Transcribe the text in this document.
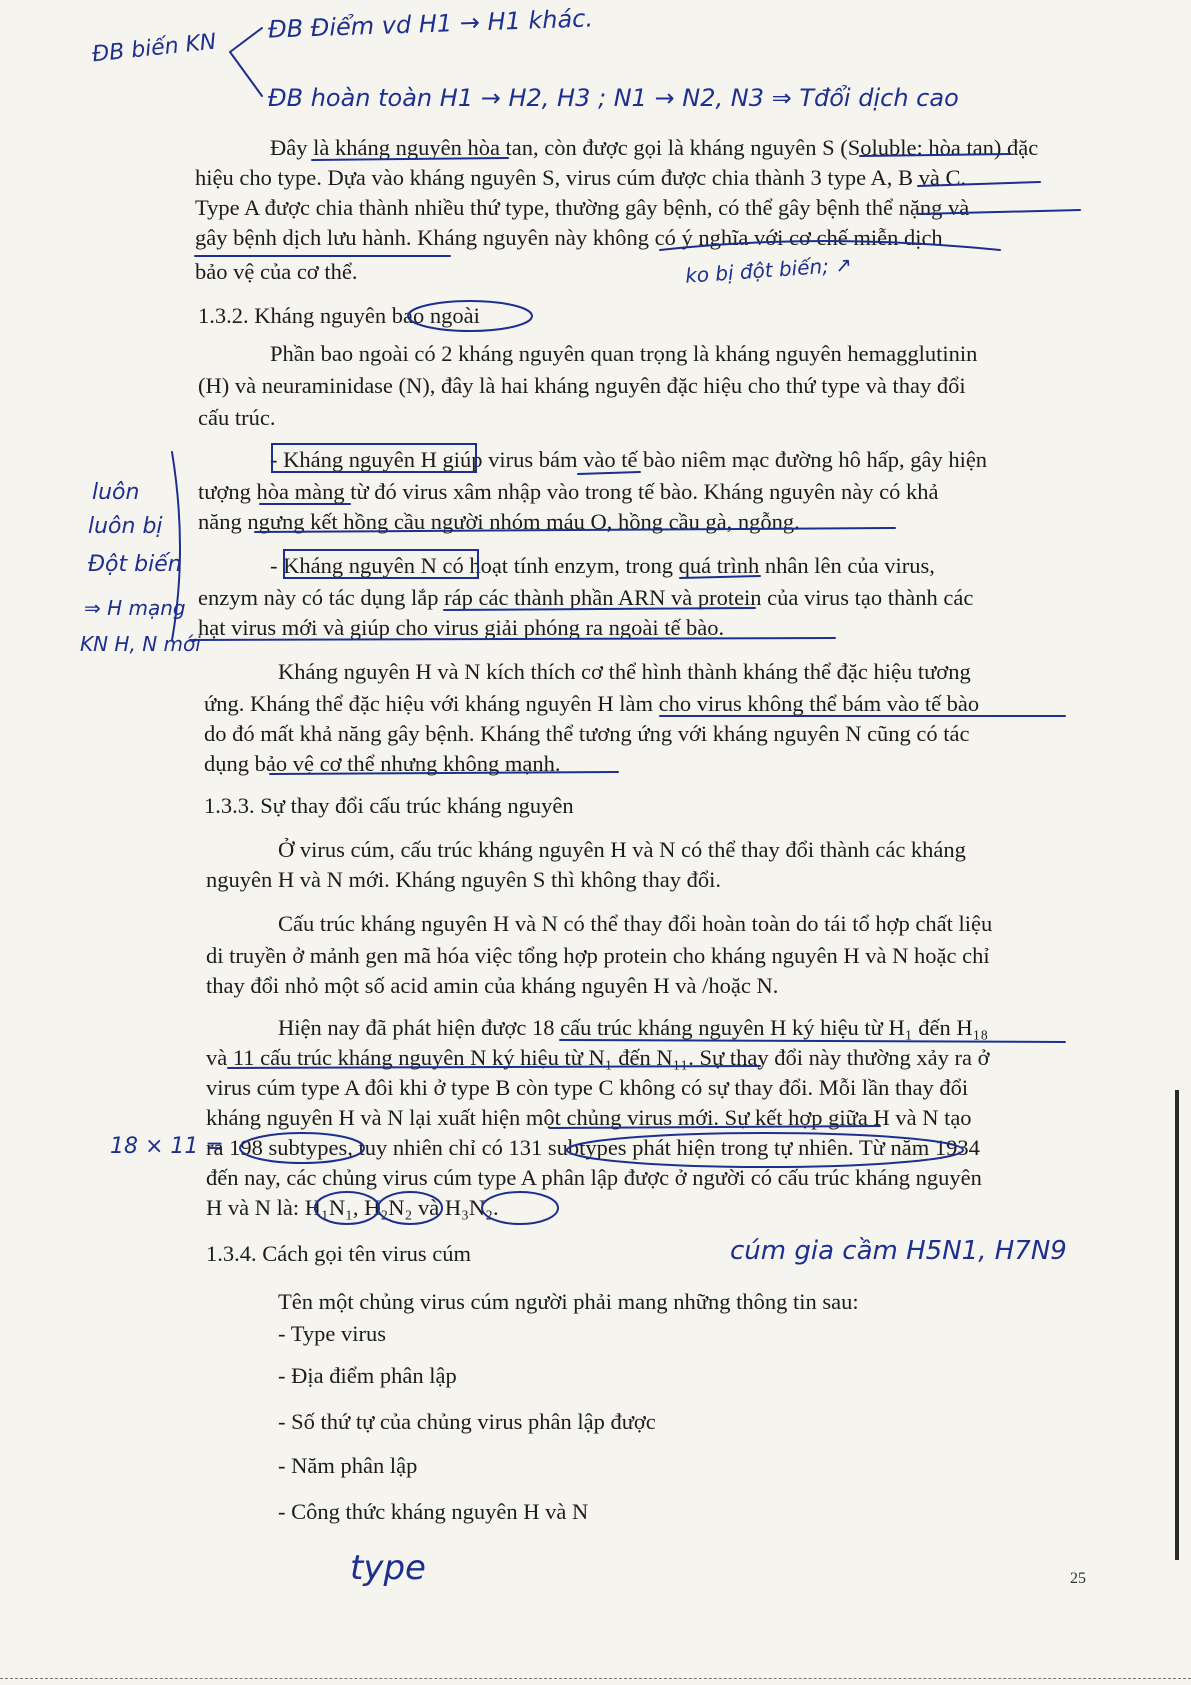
ĐB biến KN
ĐB Điểm vd H1 → H1 khác.
ĐB hoàn toàn H1 → H2, H3 ; N1 → N2, N3 ⇒ Tđổi dịch cao
ko bị đột biến; ↗
luôn
luôn bị
Đột biến
⇒ H mạng
KN H, N mới
18 × 11 =
cúm gia cầm H5N1, H7N9
type	25
Đây là kháng nguyên hòa tan, còn được gọi là kháng nguyên S (Soluble: hòa tan) đặc
hiệu cho type. Dựa vào kháng nguyên S, virus cúm được chia thành 3 type A, B và C.
Type A được chia thành nhiều thứ type, thường gây bệnh, có thể gây bệnh thể nặng và
gây bệnh dịch lưu hành. Kháng nguyên này không có ý nghĩa với cơ chế miễn dịch
bảo vệ của cơ thể.
1.3.2. Kháng nguyên bao ngoài
Phần bao ngoài có 2 kháng nguyên quan trọng là kháng nguyên hemagglutinin
(H) và neuraminidase (N), đây là hai kháng nguyên đặc hiệu cho thứ type và thay đổi
cấu trúc.
- Kháng nguyên H giúp virus bám vào tế bào niêm mạc đường hô hấp, gây hiện
tượng hòa màng từ đó virus xâm nhập vào trong tế bào. Kháng nguyên này có khả
năng ngưng kết hồng cầu người nhóm máu O, hồng cầu gà, ngỗng.
- Kháng nguyên N có hoạt tính enzym, trong quá trình nhân lên của virus,
enzym này có tác dụng lắp ráp các thành phần ARN và protein của virus tạo thành các
hạt virus mới và giúp cho virus giải phóng ra ngoài tế bào.
Kháng nguyên H và N kích thích cơ thể hình thành kháng thể đặc hiệu tương
ứng. Kháng thể đặc hiệu với kháng nguyên H làm cho virus không thể bám vào tế bào
do đó mất khả năng gây bệnh. Kháng thể tương ứng với kháng nguyên N cũng có tác
dụng bảo vệ cơ thể nhưng không mạnh.
1.3.3. Sự thay đổi cấu trúc kháng nguyên
Ở virus cúm, cấu trúc kháng nguyên H và N có thể thay đổi thành các kháng
nguyên H và N mới. Kháng nguyên S thì không thay đổi.
Cấu trúc kháng nguyên H và N có thể thay đổi hoàn toàn do tái tổ hợp chất liệu
di truyền ở mảnh gen mã hóa việc tổng hợp protein cho kháng nguyên H và N hoặc chỉ
thay đổi nhỏ một số acid amin của kháng nguyên H và /hoặc N.
Hiện nay đã phát hiện được 18 cấu trúc kháng nguyên H ký hiệu từ H₁ đến H₁₈
và 11 cấu trúc kháng nguyên N ký hiệu từ N₁ đến N₁₁. Sự thay đổi này thường xảy ra ở
virus cúm type A đôi khi ở type B còn type C không có sự thay đổi. Mỗi lần thay đổi
kháng nguyên H và N lại xuất hiện một chủng virus mới. Sự kết hợp giữa H và N tạo
ra 198 subtypes, tuy nhiên chỉ có 131 subtypes phát hiện trong tự nhiên. Từ năm 1934
đến nay, các chủng virus cúm type A phân lập được ở người có cấu trúc kháng nguyên
H và N là: H₁N₁, H₂N₂ và H₃N₂.
1.3.4. Cách gọi tên virus cúm
Tên một chủng virus cúm người phải mang những thông tin sau:
- Type virus
- Địa điểm phân lập
- Số thứ tự của chủng virus phân lập được
- Năm phân lập
- Công thức kháng nguyên H và N
